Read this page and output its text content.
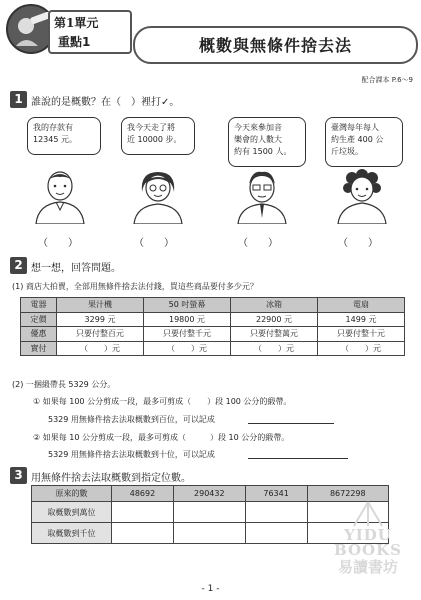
第1單元
重點1	概數與無條件捨去法
配合課本 P.6～9
1 誰說的是概數？在（　）裡打✓。
我的存款有
12345 元。
我今天走了將
近 10000 步。
今天來參加音
樂會的人數大
約有 1500 人。
臺灣每年每人
約生產 400 公
斤垃圾。
（　　）	（　　）	（　　）	（　　）
2 想一想，回答問題。
(1) 商店大拍賣，全部用無條件捨去法付錢，買這些商品要付多少元？
電器	果汁機	50 吋螢幕	冰箱	電扇
定價	3299 元	19800 元	22900 元	1499 元
優惠	只要付整百元	只要付整千元	只要付整萬元	只要付整十元
實付	（　　）元	（　　）元	（　　）元	（　　）元
(2) 一捆緞帶長 5329 公分。
① 如果每 100 公分剪成一段，最多可剪成（　　）段 100 公分的緞帶。
5329 用無條件捨去法取概數到百位，可以記成
② 如果每 10 公分剪成一段，最多可剪成（　　　）段 10 公分的緞帶。
5329 用無條件捨去法取概數到十位，可以記成
3 用無條件捨去法取概數到指定位數。
原來的數	48692	290432	76341	8672298
取概數到萬位				
取概數到千位					YIDU
BOOKS
易讀書坊
- 1 -
